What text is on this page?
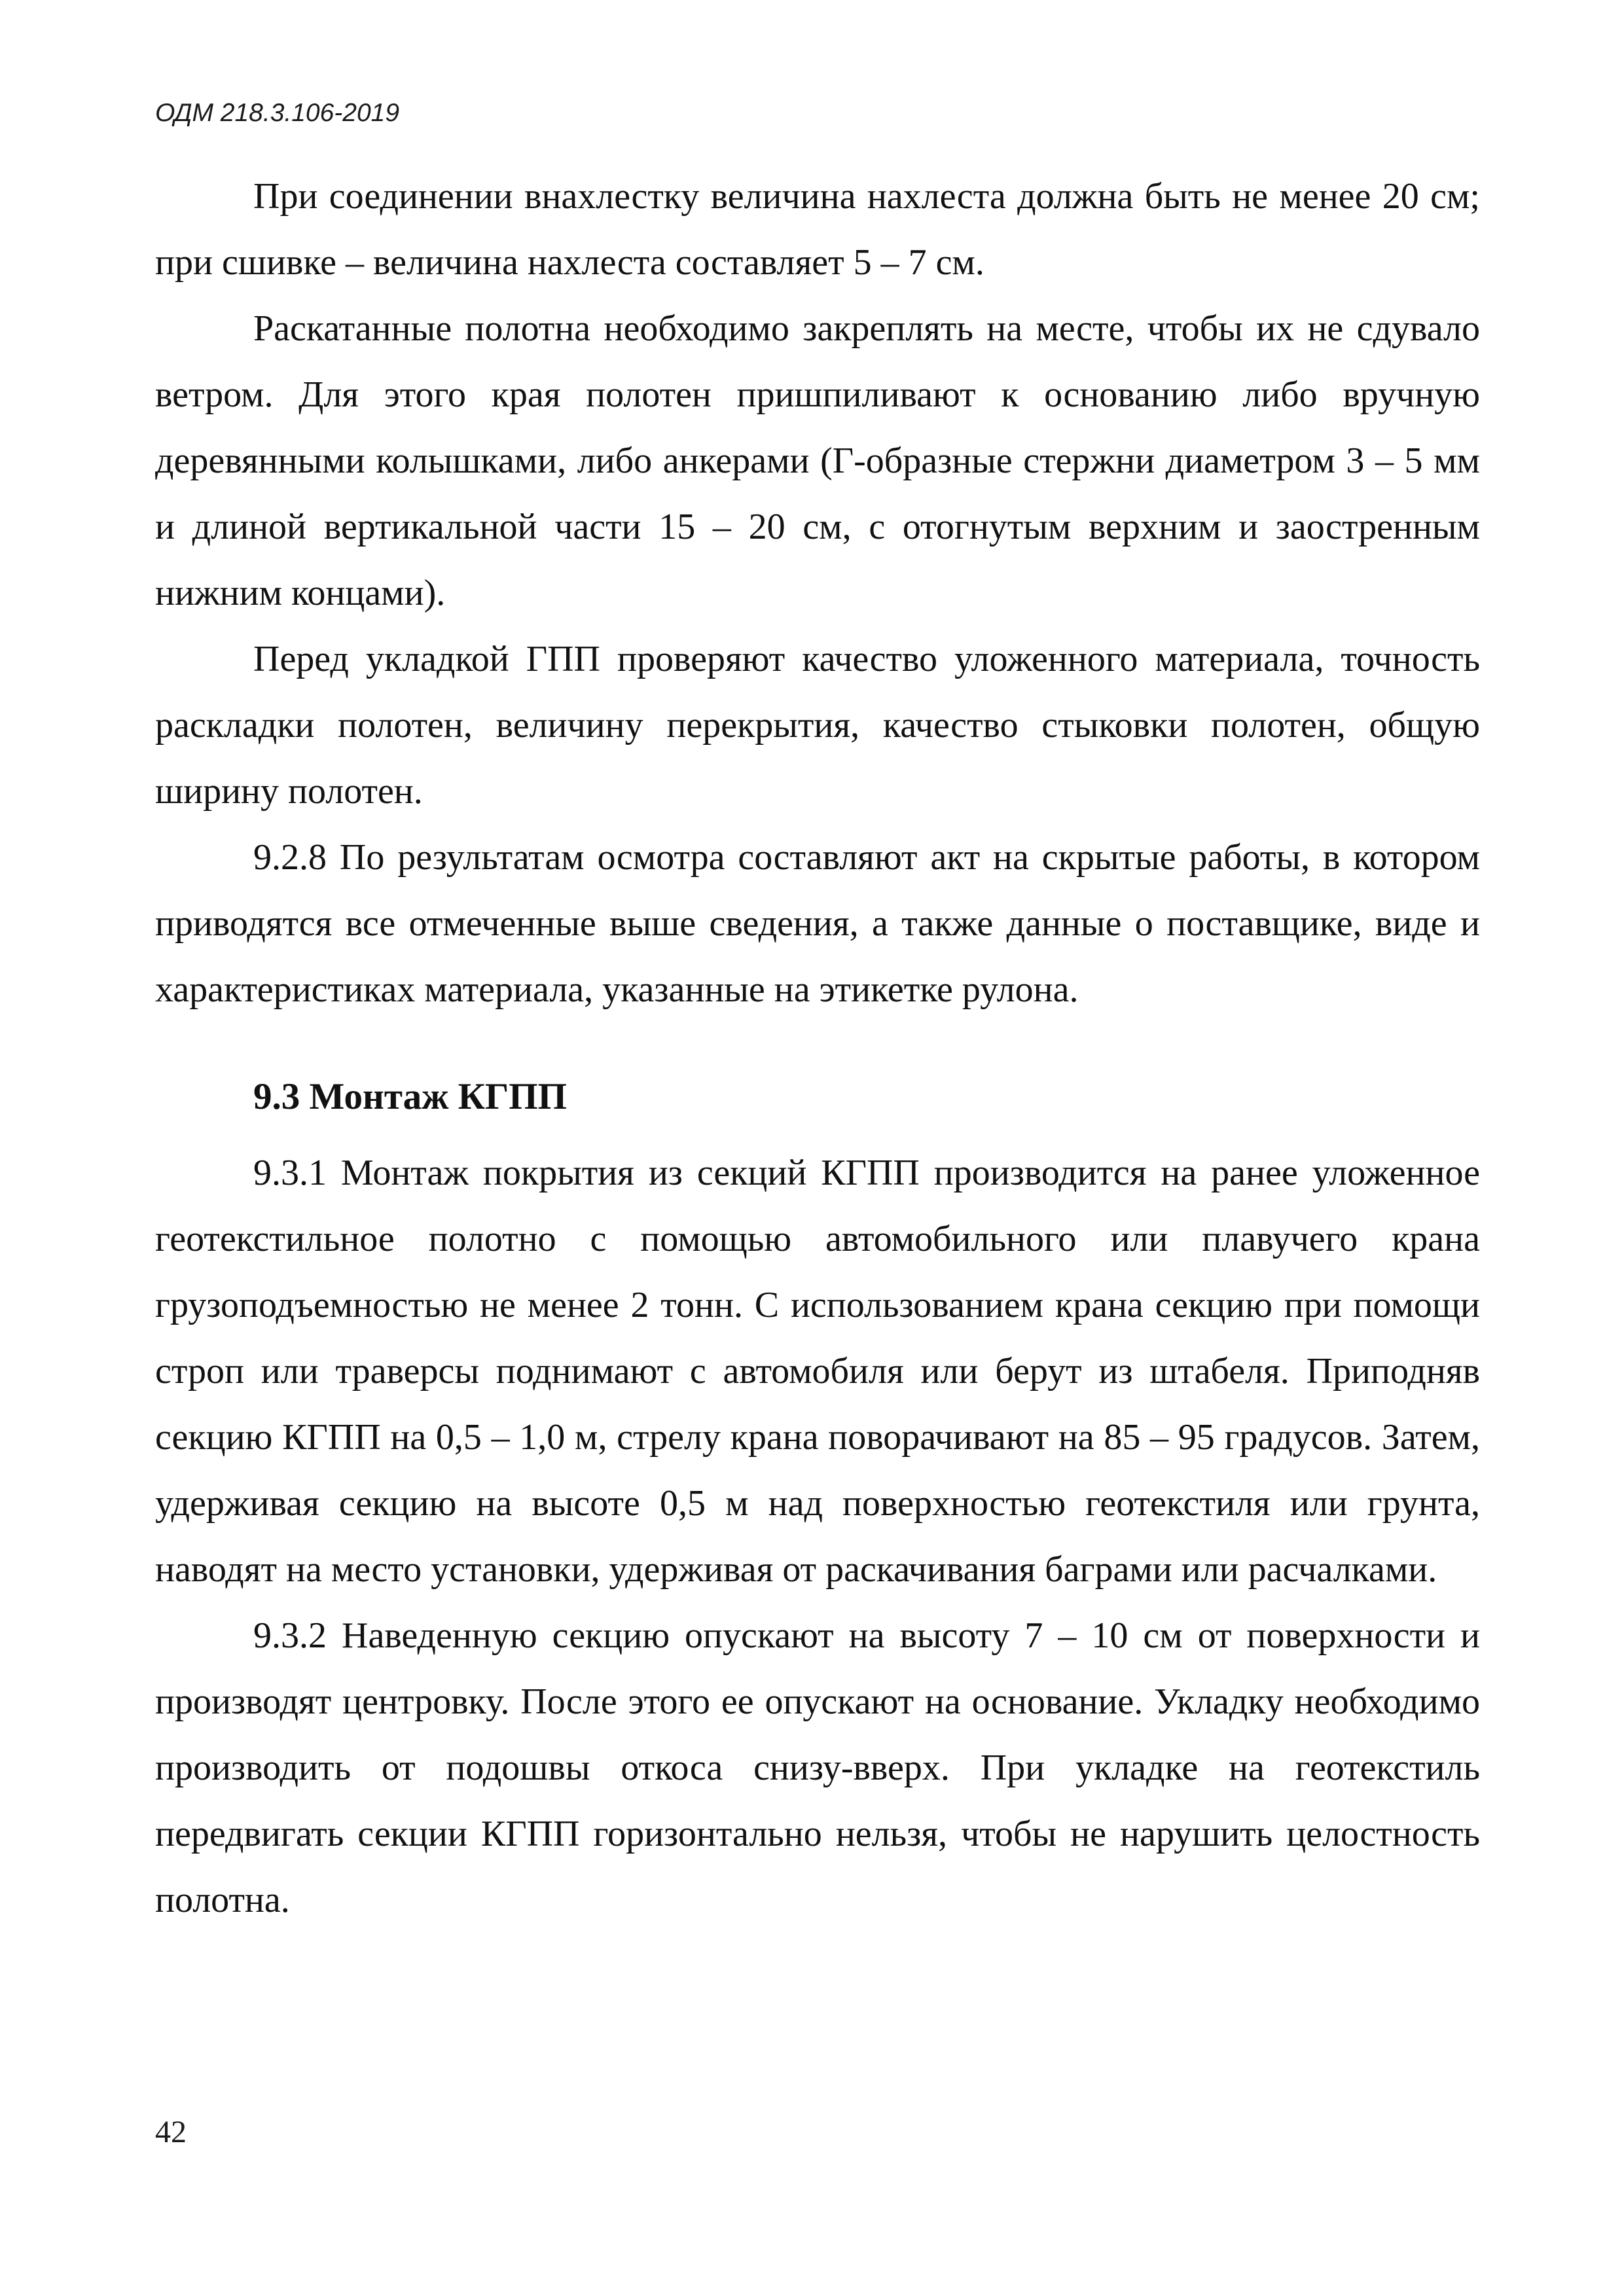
ОДМ 218.3.106-2019

При соединении внахлестку величина нахлеста должна быть не менее 20 см; при сшивке – величина нахлеста составляет 5 – 7 см.

Раскатанные полотна необходимо закреплять на месте, чтобы их не сдувало ветром. Для этого края полотен пришпиливают к основанию либо вручную деревянными колышками, либо анкерами (Г-образные стержни диаметром 3 – 5 мм и длиной вертикальной части 15 – 20 см, с отогнутым верхним и заостренным нижним концами).

Перед укладкой ГПП проверяют качество уложенного материала, точность раскладки полотен, величину перекрытия, качество стыковки полотен, общую ширину полотен.

9.2.8 По результатам осмотра составляют акт на скрытые работы, в котором приводятся все отмеченные выше сведения, а также данные о поставщике, виде и характеристиках материала, указанные на этикетке рулона.

9.3 Монтаж КГПП

9.3.1 Монтаж покрытия из секций КГПП производится на ранее уложенное геотекстильное полотно с помощью автомобильного или плавучего крана грузоподъемностью не менее 2 тонн. С использованием крана секцию при помощи строп или траверсы поднимают с автомобиля или берут из штабеля. Приподняв секцию КГПП на 0,5 – 1,0 м, стрелу крана поворачивают на 85 – 95 градусов. Затем, удерживая секцию на высоте 0,5 м над поверхностью геотекстиля или грунта, наводят на место установки, удерживая от раскачивания баграми или расчалками.

9.3.2 Наведенную секцию опускают на высоту 7 – 10 см от поверхности и производят центровку. После этого ее опускают на основание. Укладку необходимо производить от подошвы откоса снизу-вверх. При укладке на геотекстиль передвигать секции КГПП горизонтально нельзя, чтобы не нарушить целостность полотна.

42
